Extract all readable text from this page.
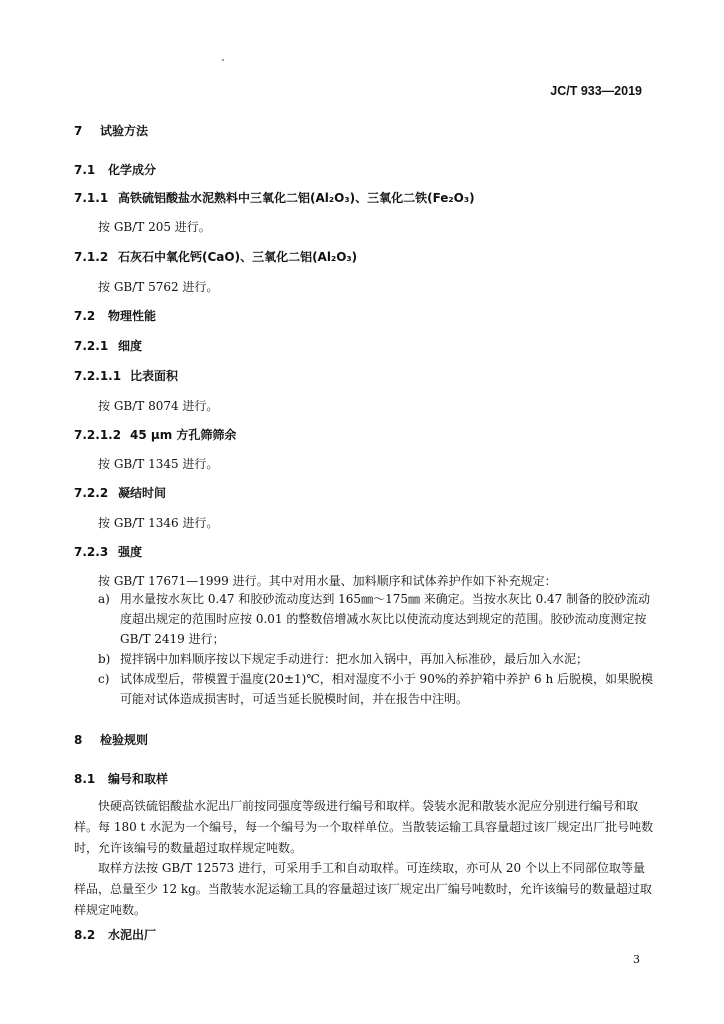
JC/T 933—2019
7 试验方法
7.1 化学成分
7.1.1 高铁硫铝酸盐水泥熟料中三氧化二铝(Al₂O₃)、三氧化二铁(Fe₂O₃)
按 GB/T 205 进行。
7.1.2 石灰石中氧化钙(CaO)、三氧化二铝(Al₂O₃)
按 GB/T 5762 进行。
7.2 物理性能
7.2.1 细度
7.2.1.1 比表面积
按 GB/T 8074 进行。
7.2.1.2 45 μm 方孔筛筛余
按 GB/T 1345 进行。
7.2.2 凝结时间
按 GB/T 1346 进行。
7.2.3 强度
按 GB/T 17671—1999 进行。其中对用水量、加料顺序和试体养护作如下补充规定：
a) 用水量按水灰比 0.47 和胶砂流动度达到 165㎜～175㎜ 来确定。当按水灰比 0.47 制备的胶砂流动度超出规定的范围时应按 0.01 的整数倍增减水灰比以使流动度达到规定的范围。胶砂流动度测定按 GB/T 2419 进行；
b) 搅拌锅中加料顺序按以下规定手动进行：把水加入锅中，再加入标准砂，最后加入水泥；
c) 试体成型后，带模置于温度(20±1)℃，相对湿度不小于 90%的养护箱中养护 6 h 后脱模，如果脱模可能对试体造成损害时，可适当延长脱模时间，并在报告中注明。
8 检验规则
8.1 编号和取样
快硬高铁硫铝酸盐水泥出厂前按同强度等级进行编号和取样。袋装水泥和散装水泥应分别进行编号和取样。每 180 t 水泥为一个编号，每一个编号为一个取样单位。当散装运输工具容量超过该厂规定出厂批号吨数时，允许该编号的数量超过取样规定吨数。
取样方法按 GB/T 12573 进行，可采用手工和自动取样。可连续取，亦可从 20 个以上不同部位取等量样品，总量至少 12 kg。当散装水泥运输工具的容量超过该厂规定出厂编号吨数时，允许该编号的数量超过取样规定吨数。
8.2 水泥出厂
3
